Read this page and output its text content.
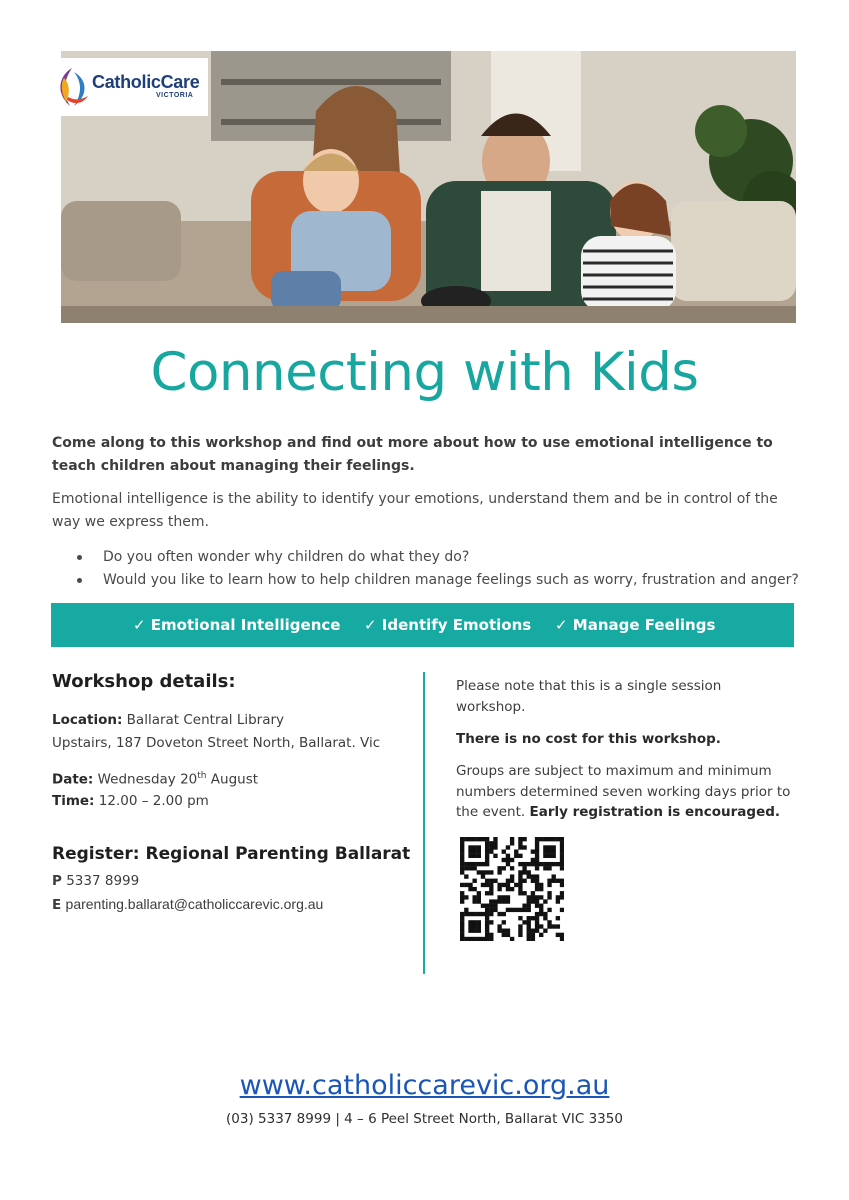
CatholicCare
VICTORIA
Connecting with Kids
Come along to this workshop and find out more about how to use emotional intelligence to teach children about managing their feelings.
Emotional intelligence is the ability to identify your emotions, understand them and be in control of the way we express them.
Do you often wonder why children do what they do?
Would you like to learn how to help children manage feelings such as worry, frustration and anger?
✓ Emotional Intelligence ✓ Identify Emotions ✓ Manage Feelings
Workshop details:
Location: Ballarat Central Library
Upstairs, 187 Doveton Street North, Ballarat. Vic
Date: Wednesday 20th August
Time: 12.00 – 2.00 pm
Register: Regional Parenting Ballarat
P 5337 8999
E parenting.ballarat@catholiccarevic.org.au
Please note that this is a single session workshop.
There is no cost for this workshop.
Groups are subject to maximum and minimum numbers determined seven working days prior to the event. Early registration is encouraged.
www.catholiccarevic.org.au
(03) 5337 8999 | 4 – 6 Peel Street North, Ballarat VIC 3350
